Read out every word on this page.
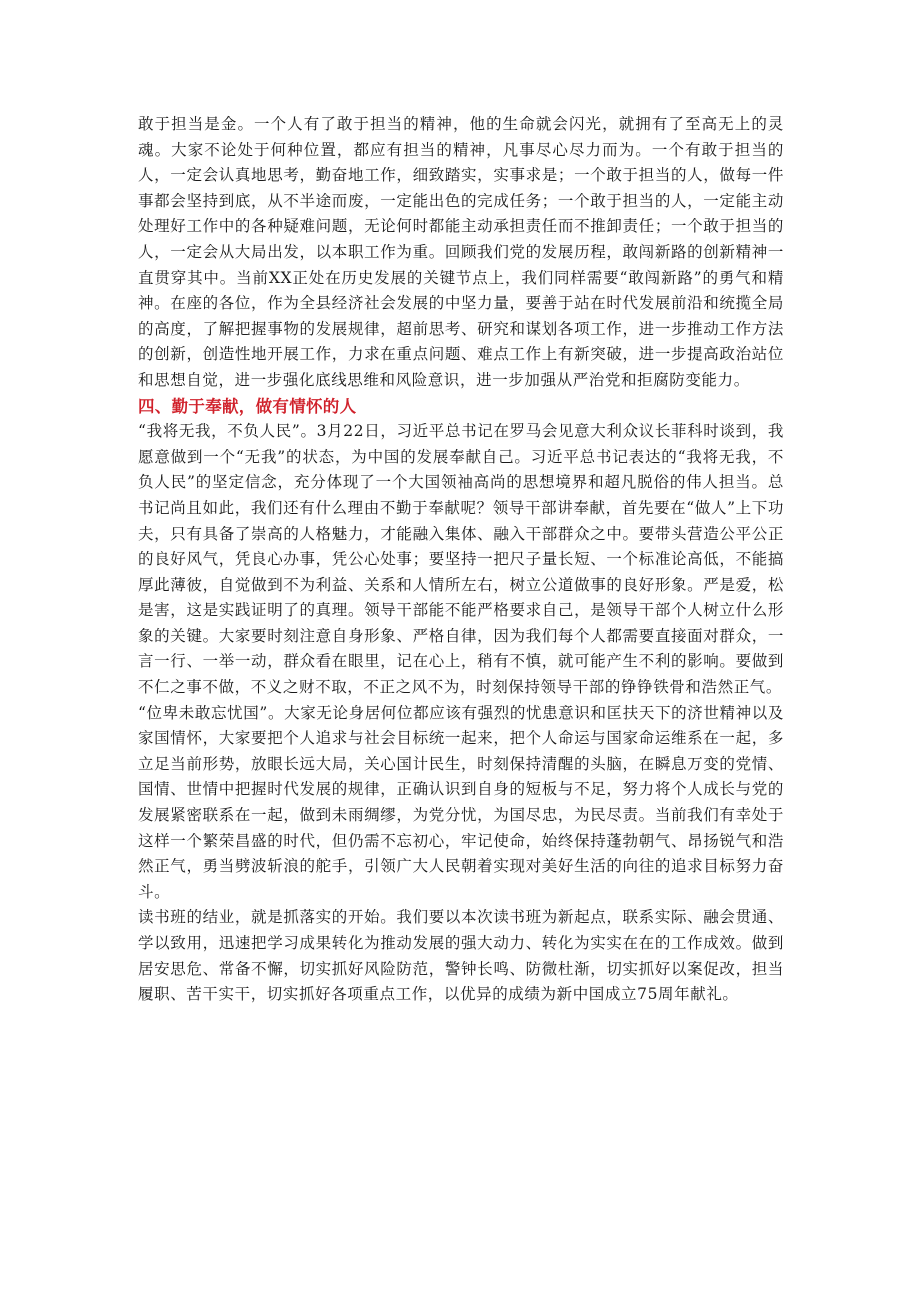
敢于担当是金。一个人有了敢于担当的精神，他的生命就会闪光，就拥有了至高无上的灵魂。大家不论处于何种位置，都应有担当的精神，凡事尽心尽力而为。一个有敢于担当的人，一定会认真地思考，勤奋地工作，细致踏实，实事求是；一个敢于担当的人，做每一件事都会坚持到底，从不半途而废，一定能出色的完成任务；一个敢于担当的人，一定能主动处理好工作中的各种疑难问题，无论何时都能主动承担责任而不推卸责任；一个敢于担当的人，一定会从大局出发，以本职工作为重。回顾我们党的发展历程，敢闯新路的创新精神一直贯穿其中。当前XX正处在历史发展的关键节点上，我们同样需要“敢闯新路”的勇气和精神。在座的各位，作为全县经济社会发展的中坚力量，要善于站在时代发展前沿和统揽全局的高度，了解把握事物的发展规律，超前思考、研究和谋划各项工作，进一步推动工作方法的创新，创造性地开展工作，力求在重点问题、难点工作上有新突破，进一步提高政治站位和思想自觉，进一步强化底线思维和风险意识，进一步加强从严治党和拒腐防变能力。

四、勤于奉献，做有情怀的人

“我将无我，不负人民”。3月22日，习近平总书记在罗马会见意大利众议长菲科时谈到，我愿意做到一个“无我”的状态，为中国的发展奉献自己。习近平总书记表达的“我将无我，不负人民”的坚定信念，充分体现了一个大国领袖高尚的思想境界和超凡脱俗的伟人担当。总书记尚且如此，我们还有什么理由不勤于奉献呢？领导干部讲奉献，首先要在“做人”上下功夫，只有具备了崇高的人格魅力，才能融入集体、融入干部群众之中。要带头营造公平公正的良好风气，凭良心办事，凭公心处事；要坚持一把尺子量长短、一个标准论高低，不能搞厚此薄彼，自觉做到不为利益、关系和人情所左右，树立公道做事的良好形象。严是爱，松是害，这是实践证明了的真理。领导干部能不能严格要求自己，是领导干部个人树立什么形象的关键。大家要时刻注意自身形象、严格自律，因为我们每个人都需要直接面对群众，一言一行、一举一动，群众看在眼里，记在心上，稍有不慎，就可能产生不利的影响。要做到不仁之事不做，不义之财不取，不正之风不为，时刻保持领导干部的铮铮铁骨和浩然正气。

“位卑未敢忘忧国”。大家无论身居何位都应该有强烈的忧患意识和匡扶天下的济世精神以及家国情怀，大家要把个人追求与社会目标统一起来，把个人命运与国家命运维系在一起，多立足当前形势，放眼长远大局，关心国计民生，时刻保持清醒的头脑，在瞬息万变的党情、国情、世情中把握时代发展的规律，正确认识到自身的短板与不足，努力将个人成长与党的发展紧密联系在一起，做到未雨绸缪，为党分忧，为国尽忠，为民尽责。当前我们有幸处于这样一个繁荣昌盛的时代，但仍需不忘初心，牢记使命，始终保持蓬勃朝气、昂扬锐气和浩然正气，勇当劈波斩浪的舵手，引领广大人民朝着实现对美好生活的向往的追求目标努力奋斗。

读书班的结业，就是抓落实的开始。我们要以本次读书班为新起点，联系实际、融会贯通、学以致用，迅速把学习成果转化为推动发展的强大动力、转化为实实在在的工作成效。做到居安思危、常备不懈，切实抓好风险防范，警钟长鸣、防微杜渐，切实抓好以案促改，担当履职、苦干实干，切实抓好各项重点工作，以优异的成绩为新中国成立75周年献礼。
